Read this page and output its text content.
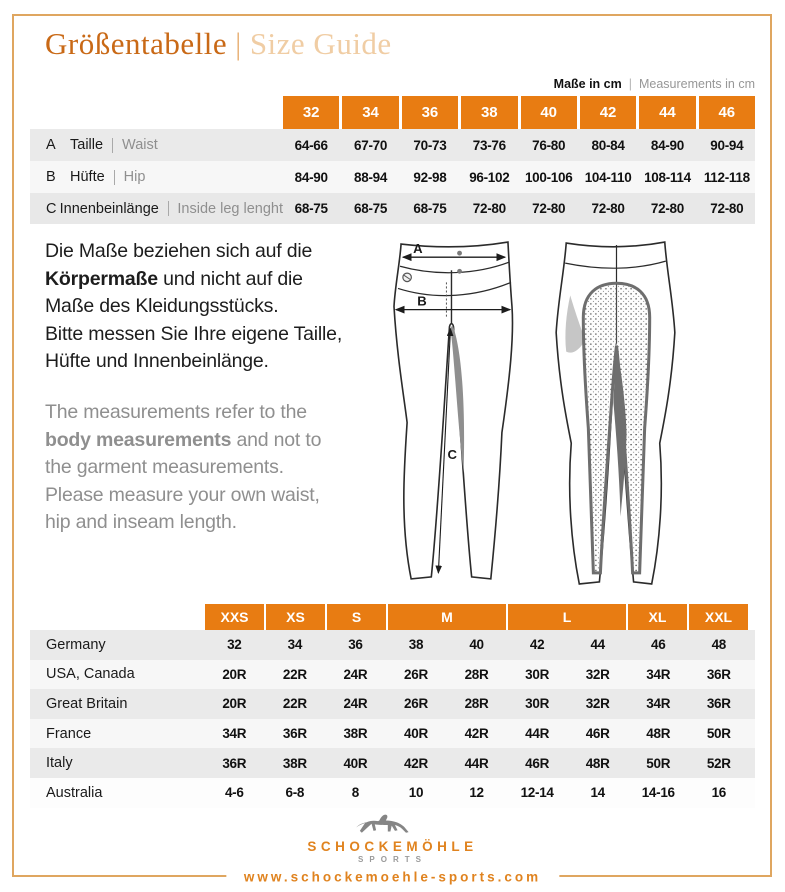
Größentabelle | Size Guide
Maße in cm | Measurements in cm
32	34	36	38	40	42	44	46
A Taille Waist	64-66	67-70	70-73	73-76	76-80	80-84	84-90	90-94
B Hüfte Hip	84-90	88-94	92-98	96-102	100-106 104-110 108-114 112-118
C Innenbeinlänge Inside leg lenght 68-75	68-75	68-75	72-80	72-80	72-80	72-80	72-80
Die Maße beziehen sich auf die
Körpermaße und nicht auf die
Maße des Kleidungsstücks.
Bitte messen Sie Ihre eigene Taille,
Hüfte und Innenbeinlänge.
The measurements refer to the
body measurements and not to
the garment measurements.
Please measure your own waist,
hip and inseam length.
A
B
C
XXS	XS	S	M	L	XL	XXL
Germany	32	34	36	38	40	42	44	46	48
USA, Canada	20R	22R	24R	26R	28R	30R	32R	34R	36R
Great Britain	20R	22R	24R	26R	28R	30R	32R	34R	36R
France	34R	36R	38R	40R	42R	44R	46R	48R	50R
Italy	36R	38R	40R	42R	44R	46R	48R	50R	52R
Australia	4-6	6-8	8	10	12	12-14	14	14-16	16
SCHOCKEMÖHLE
SPORTS
www.schockemoehle-sports.com
